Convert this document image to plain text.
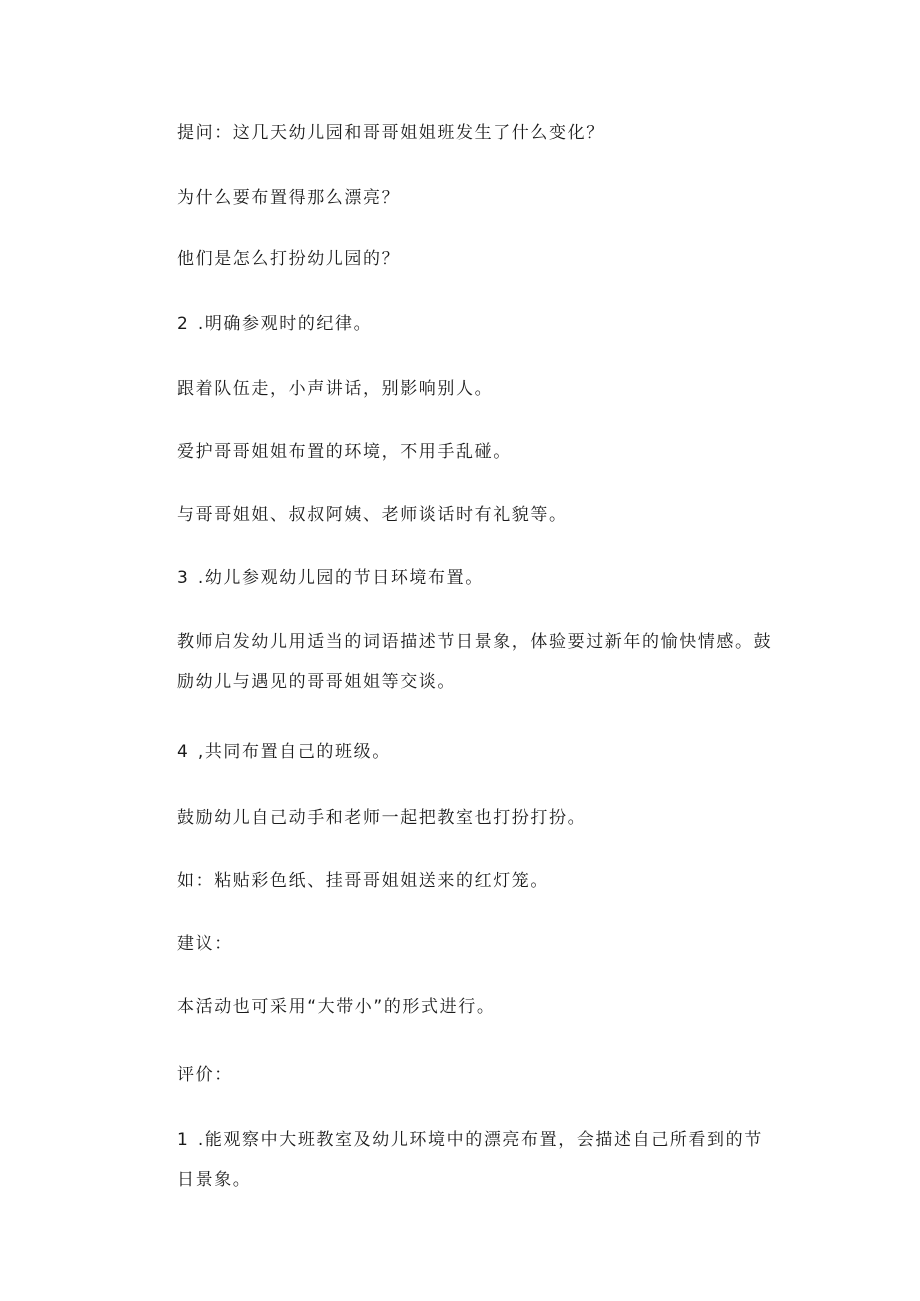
提问：这几天幼儿园和哥哥姐姐班发生了什么变化？
为什么要布置得那么漂亮？
他们是怎么打扮幼儿园的？
2.明确参观时的纪律。
跟着队伍走，小声讲话，别影响别人。
爱护哥哥姐姐布置的环境，不用手乱碰。
与哥哥姐姐、叔叔阿姨、老师谈话时有礼貌等。
3.幼儿参观幼儿园的节日环境布置。
教师启发幼儿用适当的词语描述节日景象，体验要过新年的愉快情感。鼓励幼儿与遇见的哥哥姐姐等交谈。
4,共同布置自己的班级。
鼓励幼儿自己动手和老师一起把教室也打扮打扮。
如：粘贴彩色纸、挂哥哥姐姐送来的红灯笼。
建议：
本活动也可采用“大带小”的形式进行。
评价：
1.能观察中大班教室及幼儿环境中的漂亮布置，会描述自己所看到的节日景象。
